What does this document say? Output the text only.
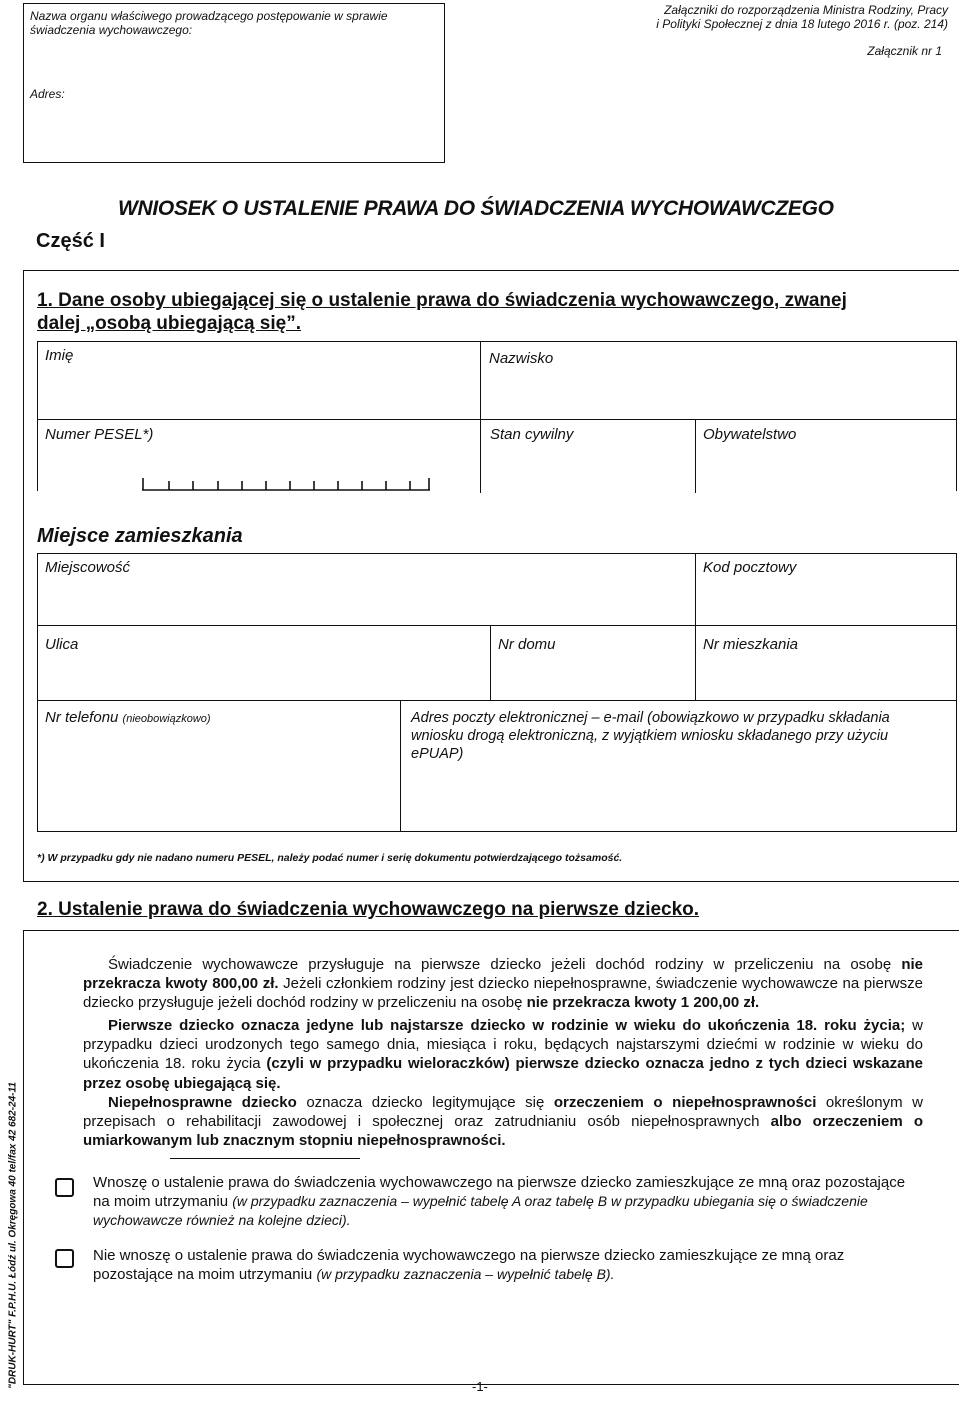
Nazwa organu właściwego prowadzącego postępowanie w sprawie
świadczenia wychowawczego:
Adres:
Załączniki do rozporządzenia Ministra Rodziny, Pracy
i Polityki Społecznej z dnia 18 lutego 2016 r. (poz. 214)
Załącznik nr 1
WNIOSEK O USTALENIE PRAWA DO ŚWIADCZENIA WYCHOWAWCZEGO
Część I
1. Dane osoby ubiegającej się o ustalenie prawa do świadczenia wychowawczego, zwanej
dalej „osobą ubiegającą się”.
Imię	Nazwisko
Numer PESEL*)	Stan cywilny	Obywatelstwo
Miejsce zamieszkania
Miejscowość	Kod pocztowy
Ulica	Nr domu	Nr mieszkania
Nr telefonu (nieobowiązkowo)	Adres poczty elektronicznej – e-mail (obowiązkowo w przypadku składania
wniosku drogą elektroniczną, z wyjątkiem wniosku składanego przy użyciu
ePUAP)
*) W przypadku gdy nie nadano numeru PESEL, należy podać numer i serię dokumentu potwierdzającego tożsamość.
2. Ustalenie prawa do świadczenia wychowawczego na pierwsze dziecko.
Świadczenie wychowawcze przysługuje na pierwsze dziecko jeżeli dochód rodziny w przeliczeniu na osobę nie przekracza kwoty 800,00 zł. Jeżeli członkiem rodziny jest dziecko niepełnosprawne, świadczenie wychowawcze na pierwsze dziecko przysługuje jeżeli dochód rodziny w przeliczeniu na osobę nie przekracza kwoty 1 200,00 zł.
Pierwsze dziecko oznacza jedyne lub najstarsze dziecko w rodzinie w wieku do ukończenia 18. roku życia; w przypadku dzieci urodzonych tego samego dnia, miesiąca i roku, będących najstarszymi dziećmi w rodzinie w wieku do ukończenia 18. roku życia (czyli w przypadku wieloraczków) pierwsze dziecko oznacza jedno z tych dzieci wskazane przez osobę ubiegającą się.
Niepełnosprawne dziecko oznacza dziecko legitymujące się orzeczeniem o niepełnosprawności określonym w przepisach o rehabilitacji zawodowej i społecznej oraz zatrudnianiu osób niepełnosprawnych albo orzeczeniem o umiarkowanym lub znacznym stopniu niepełnosprawności.
Wnoszę o ustalenie prawa do świadczenia wychowawczego na pierwsze dziecko zamieszkujące ze mną oraz pozostające na moim utrzymaniu (w przypadku zaznaczenia – wypełnić tabelę A oraz tabelę B w przypadku ubiegania się o świadczenie wychowawcze również na kolejne dzieci).
Nie wnoszę o ustalenie prawa do świadczenia wychowawczego na pierwsze dziecko zamieszkujące ze mną oraz pozostające na moim utrzymaniu (w przypadku zaznaczenia – wypełnić tabelę B).
"DRUK-HURT" F.P.H.U. Łódź ul. Okręgowa 40 tel/fax 42 682-24-11	-1-
